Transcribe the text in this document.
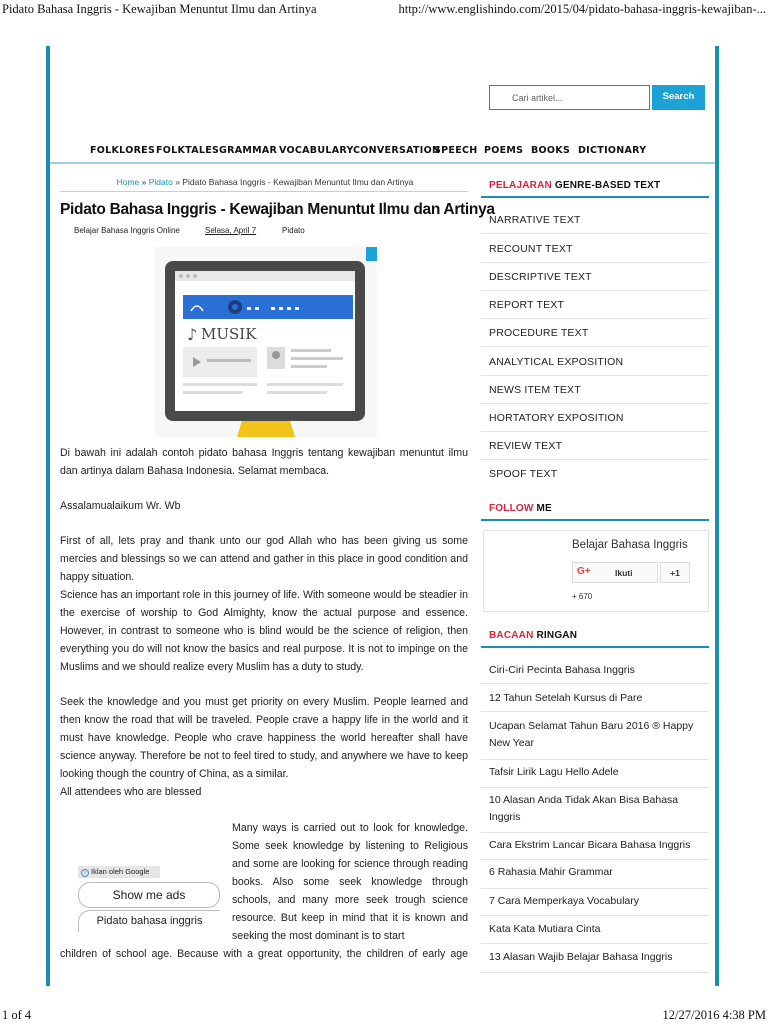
Pidato Bahasa Inggris - Kewajiban Menuntut Ilmu dan Artinya	http://www.englishindo.com/2015/04/pidato-bahasa-inggris-kewajiban-...
Cari artikel...	Search
FOLKLORES FOLKTALES GRAMMAR VOCABULARY CONVERSATION
SPEECH POEMS BOOKS DICTIONARY
Home » Pidato » Pidato Bahasa Inggris - Kewajiban Menuntut Ilmu dan Artinya
Pidato Bahasa Inggris - Kewajiban Menuntut Ilmu dan Artinya
Belajar Bahasa Inggris Online	Selasa, April 7	Pidato
♪ MUSIK

Di bawah ini adalah contoh pidato bahasa Inggris tentang kewajiban menuntut ilmu dan artinya dalam Bahasa Indonesia. Selamat membaca.

Assalamualaikum Wr. Wb

First of all, lets pray and thank unto our god Allah who has been giving us some mercies and blessings so we can attend and gather in this place in good condition and happy situation.

Science has an important role in this journey of life. With someone would be steadier in the exercise of worship to God Almighty, know the actual purpose and essence. However, in contrast to someone who is blind would be the science of religion, then everything you do will not know the basics and real purpose. It is not to impinge on the Muslims and we should realize every Muslim has a duty to study.

Seek the knowledge and you must get priority on every Muslim. People learned and then know the road that will be traveled. People crave a happy life in the world and it must have knowledge. People who crave happiness the world hereafter shall have science anyway. Therefore be not to feel tired to study, and anywhere we have to keep looking though the country of China, as a similar.

All attendees who are blessed

Many ways is carried out to look for knowledge. Some seek knowledge by listening to Religious and some are looking for science through reading books. Also some seek knowledge through schools, and many more seek trough science resource. But keep in mind that it is known and seeking the most dominant is to start
children of school age. Because with a great opportunity, the children of early age
i Iklan oleh Google
Show me ads
Pidato bahasa inggris
PELAJARAN GENRE-BASED TEXT
NARRATIVE TEXT
RECOUNT TEXT
DESCRIPTIVE TEXT
REPORT TEXT
PROCEDURE TEXT
ANALYTICAL EXPOSITION
NEWS ITEM TEXT
HORTATORY EXPOSITION
REVIEW TEXT
SPOOF TEXT
FOLLOW ME
Belajar Bahasa Inggris
G+	Ikuti	+1
+ 670
BACAAN RINGAN
Ciri-Ciri Pecinta Bahasa Inggris
12 Tahun Setelah Kursus di Pare
Ucapan Selamat Tahun Baru 2016 ® Happy New Year
Tafsir Lirik Lagu Hello Adele
10 Alasan Anda Tidak Akan Bisa Bahasa Inggris
Cara Ekstrim Lancar Bicara Bahasa Inggris
6 Rahasia Mahir Grammar
7 Cara Memperkaya Vocabulary
Kata Kata Mutiara Cinta
13 Alasan Wajib Belajar Bahasa Inggris
1 of 4	12/27/2016 4:38 PM
